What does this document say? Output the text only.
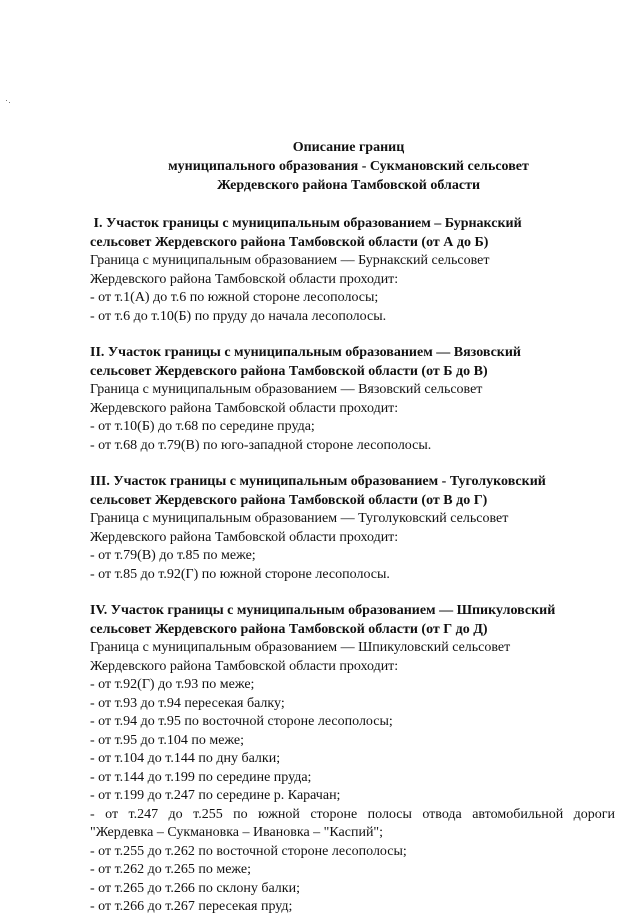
Описание границ
муниципального образования - Сукмановский сельсовет
Жердевского района Тамбовской области
I. Участок границы с муниципальным образованием – Бурнакский
сельсовет Жердевского района Тамбовской области (от А до Б)
Граница с муниципальным образованием –– Бурнакский сельсовет
Жердевского района Тамбовской области проходит:
- от т.1(А) до т.6 по южной стороне лесополосы;
- от т.6 до т.10(Б) по пруду до начала лесополосы.
II. Участок границы с муниципальным образованием — Вязовский
сельсовет Жердевского района Тамбовской области (от Б до В)
Граница с муниципальным образованием — Вязовский сельсовет
Жердевского района Тамбовской области проходит:
- от т.10(Б) до т.68 по середине пруда;
- от т.68 до т.79(В) по юго-западной стороне лесополосы.
III. Участок границы с муниципальным образованием - Туголуковский
сельсовет Жердевского района Тамбовской области (от В до Г)
Граница с муниципальным образованием — Туголуковский сельсовет
Жердевского района Тамбовской области проходит:
- от т.79(В) до т.85 по меже;
- от т.85 до т.92(Г) по южной стороне лесополосы.
IV. Участок границы с муниципальным образованием — Шпикуловский
сельсовет Жердевского района Тамбовской области (от Г до Д)
Граница с муниципальным образованием — Шпикуловский сельсовет
Жердевского района Тамбовской области проходит:
- от т.92(Г) до т.93 по меже;
- от т.93 до т.94 пересекая балку;
- от т.94 до т.95 по восточной стороне лесополосы;
- от т.95 до т.104 по меже;
- от т.104 до т.144 по дну балки;
- от т.144 до т.199 по середине пруда;
- от т.199 до т.247 по середине р. Карачан;
- от т.247 до т.255 по южной стороне полосы отвода автомобильной дороги
"Жердевка – Сукмановка – Ивановка – "Каспий";
- от т.255 до т.262 по восточной стороне лесополосы;
- от т.262 до т.265 по меже;
- от т.265 до т.266 по склону балки;
- от т.266 до т.267 пересекая пруд;
